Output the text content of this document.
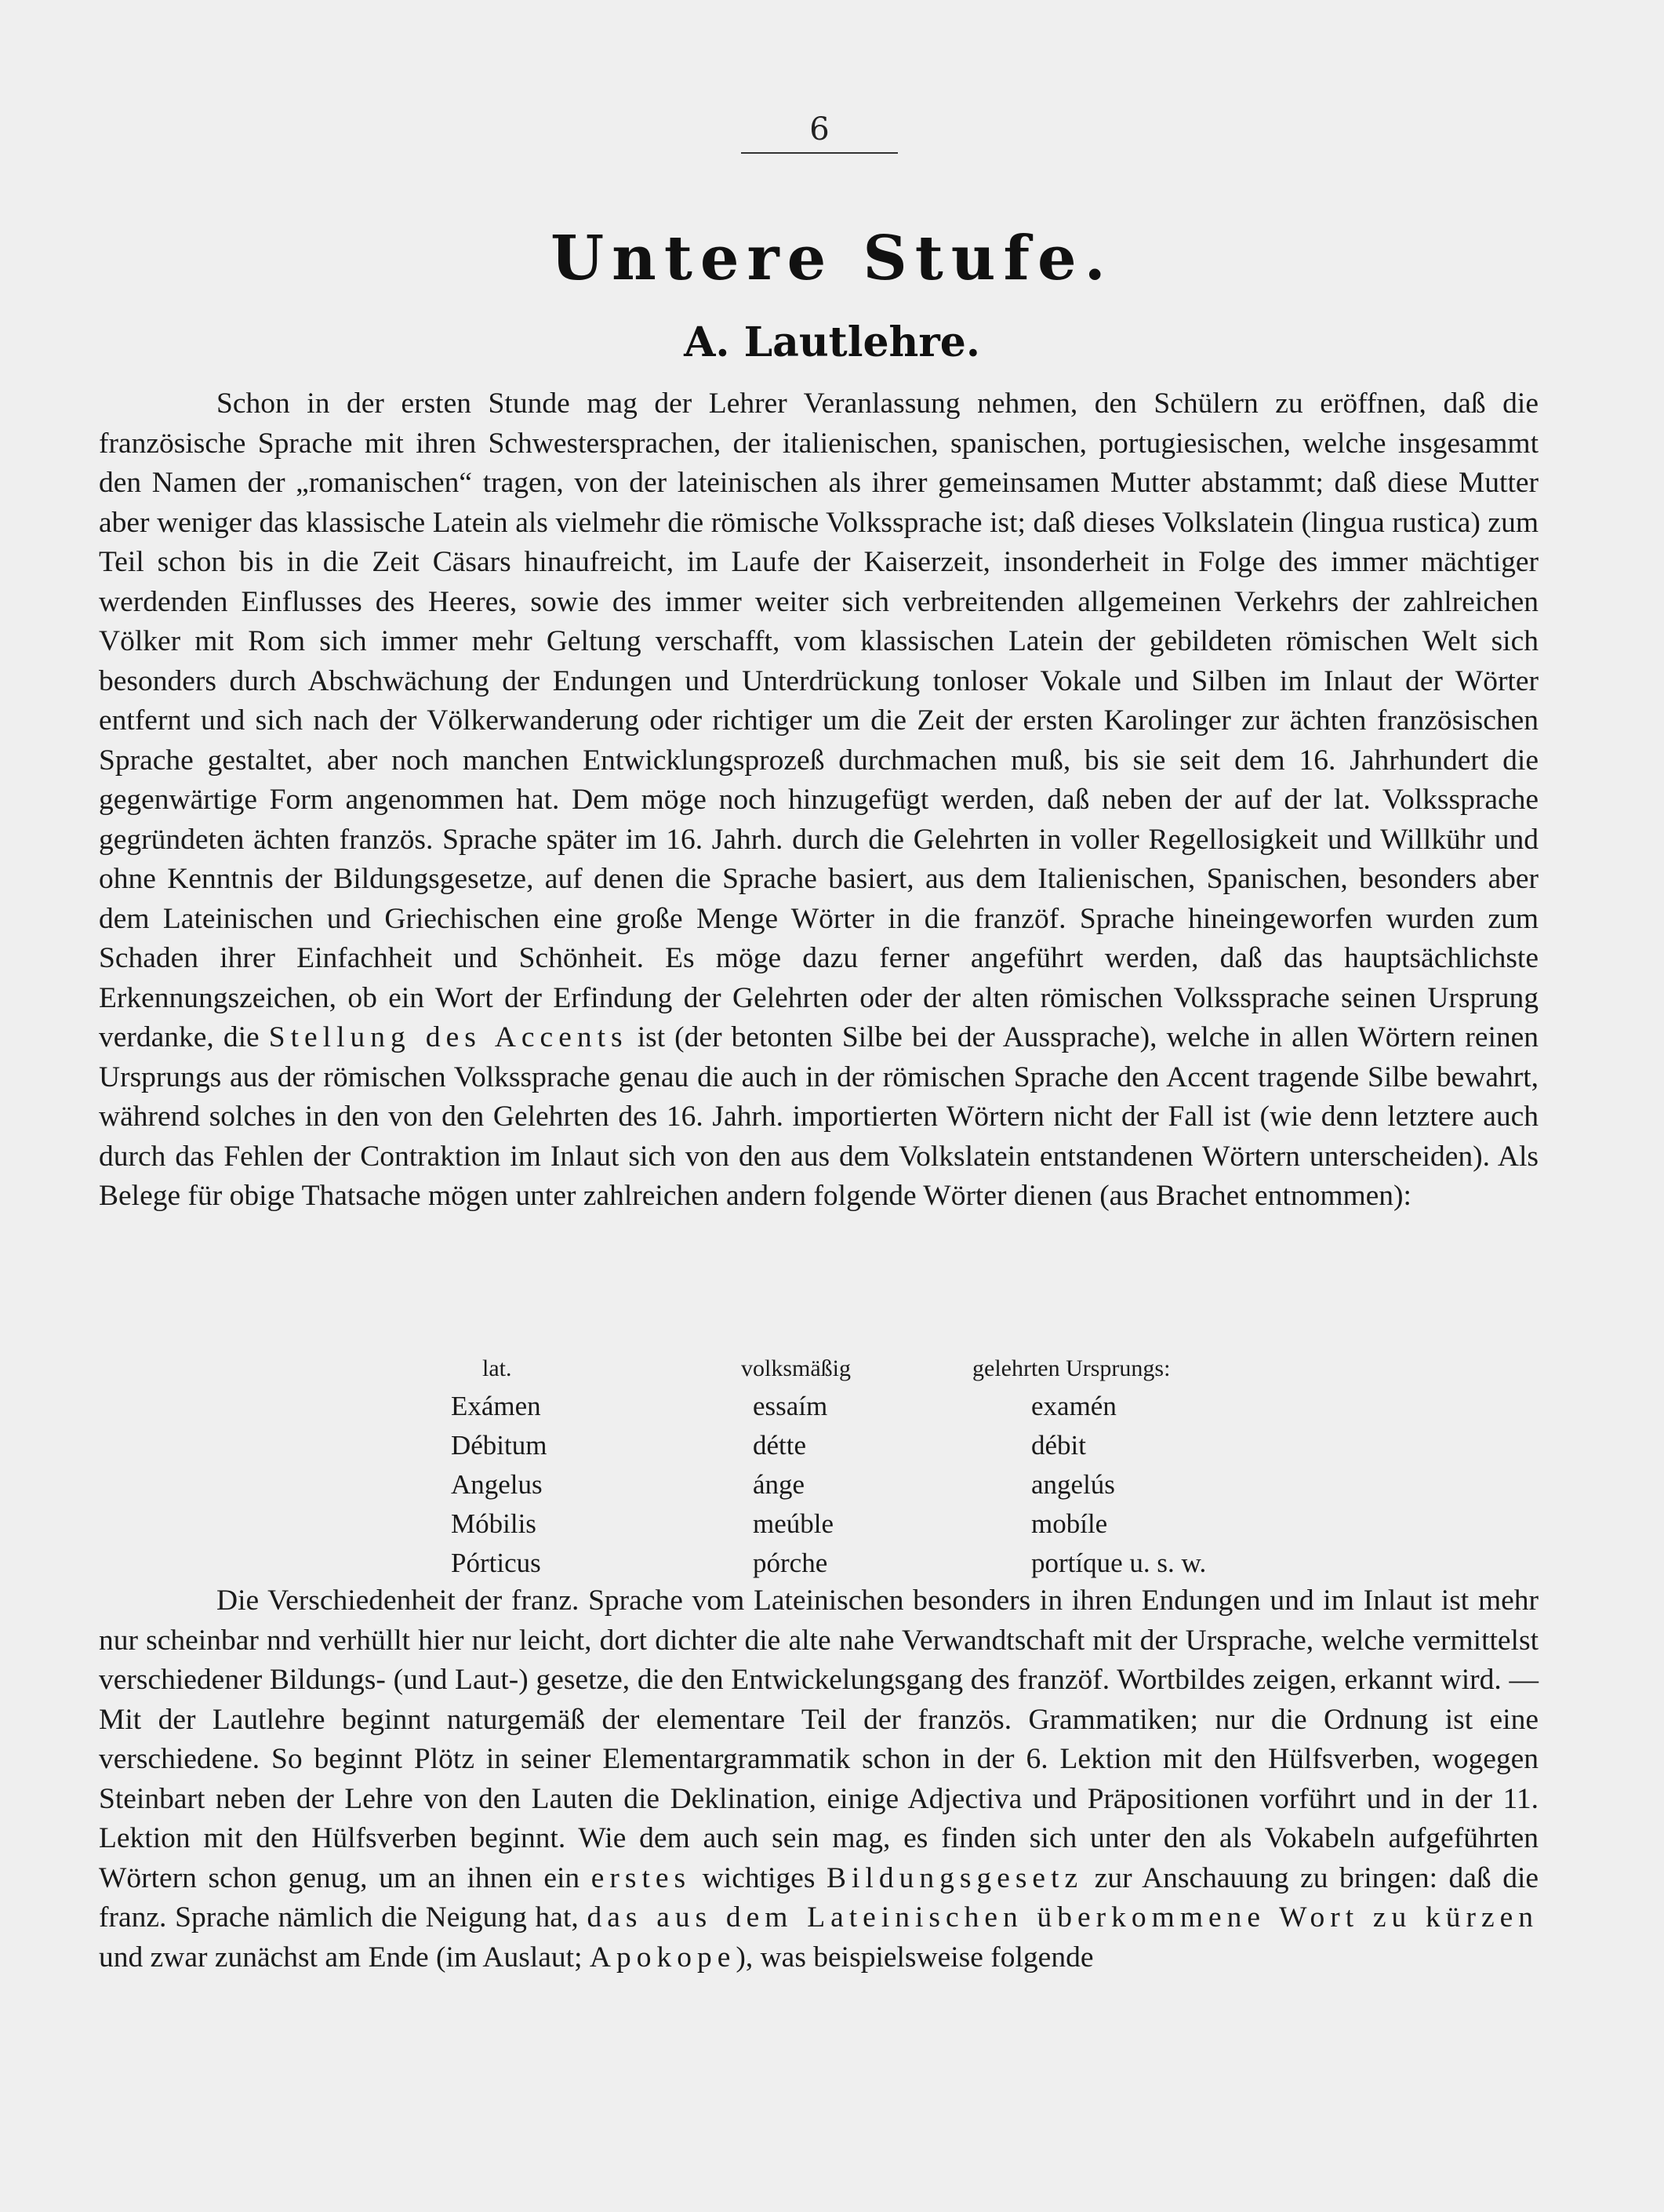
6
Untere Stufe.
A. Lautlehre.

Schon in der ersten Stunde mag der Lehrer Veranlassung nehmen, den Schülern zu eröffnen, daß die französische Sprache mit ihren Schwestersprachen, der italienischen, spanischen, portugiesischen, welche insgesammt den Namen der „romanischen“ tragen, von der lateinischen als ihrer gemeinsamen Mutter abstammt; daß diese Mutter aber weniger das klassische Latein als vielmehr die römische Volkssprache ist; daß dieses Volkslatein (lingua rustica) zum Teil schon bis in die Zeit Cäsars hinaufreicht, im Laufe der Kaiserzeit, insonderheit in Folge des immer mächtiger werdenden Einflusses des Heeres, sowie des immer weiter sich verbreitenden allgemeinen Verkehrs der zahlreichen Völker mit Rom sich immer mehr Geltung verschafft, vom klassischen Latein der gebildeten römischen Welt sich besonders durch Abschwächung der Endungen und Unterdrückung tonloser Vokale und Silben im Inlaut der Wörter entfernt und sich nach der Völkerwanderung oder richtiger um die Zeit der ersten Karolinger zur ächten französischen Sprache gestaltet, aber noch manchen Entwicklungsprozeß durchmachen muß, bis sie seit dem 16. Jahrhundert die gegenwärtige Form angenommen hat. Dem möge noch hinzugefügt werden, daß neben der auf der lat. Volkssprache gegründeten ächten französ. Sprache später im 16. Jahrh. durch die Gelehrten in voller Regellosigkeit und Willkühr und ohne Kenntnis der Bildungsgesetze, auf denen die Sprache basiert, aus dem Italienischen, Spanischen, besonders aber dem Lateinischen und Griechischen eine große Menge Wörter in die franzöf. Sprache hineingeworfen wurden zum Schaden ihrer Einfachheit und Schönheit. Es möge dazu ferner angeführt werden, daß das hauptsächlichste Erkennungszeichen, ob ein Wort der Erfindung der Gelehrten oder der alten römischen Volkssprache seinen Ursprung verdanke, die Stellung des Accents ist (der betonten Silbe bei der Aussprache), welche in allen Wörtern reinen Ursprungs aus der römischen Volkssprache genau die auch in der römischen Sprache den Accent tragende Silbe bewahrt, während solches in den von den Gelehrten des 16. Jahrh. importierten Wörtern nicht der Fall ist (wie denn letztere auch durch das Fehlen der Contraktion im Inlaut sich von den aus dem Volkslatein entstandenen Wörtern unterscheiden). Als Belege für obige Thatsache mögen unter zahlreichen andern folgende Wörter dienen (aus Brachet entnommen):

lat.	volksmäßig	gelehrten Ursprungs:
Exámen	essaím	examén
Débitum	détte	débit
Angelus	ánge	angelús
Móbilis	meúble	mobíle
Pórticus	pórche	portíque u. s. w.

Die Verschiedenheit der franz. Sprache vom Lateinischen besonders in ihren Endungen und im Inlaut ist mehr nur scheinbar nnd verhüllt hier nur leicht, dort dichter die alte nahe Verwandtschaft mit der Ursprache, welche vermittelst verschiedener Bildungs- (und Laut-) gesetze, die den Entwickelungsgang des franzöf. Wortbildes zeigen, erkannt wird. — Mit der Lautlehre beginnt naturgemäß der elementare Teil der französ. Grammatiken; nur die Ordnung ist eine verschiedene. So beginnt Plötz in seiner Elementargrammatik schon in der 6. Lektion mit den Hülfsverben, wogegen Steinbart neben der Lehre von den Lauten die Deklination, einige Adjectiva und Präpositionen vorführt und in der 11. Lektion mit den Hülfsverben beginnt. Wie dem auch sein mag, es finden sich unter den als Vokabeln aufgeführten Wörtern schon genug, um an ihnen ein erstes wichtiges Bildungsgesetz zur Anschauung zu bringen: daß die franz. Sprache nämlich die Neigung hat, das aus dem Lateinischen überkommene Wort zu kürzen und zwar zunächst am Ende (im Auslaut; Apokope), was beispielsweise folgende
